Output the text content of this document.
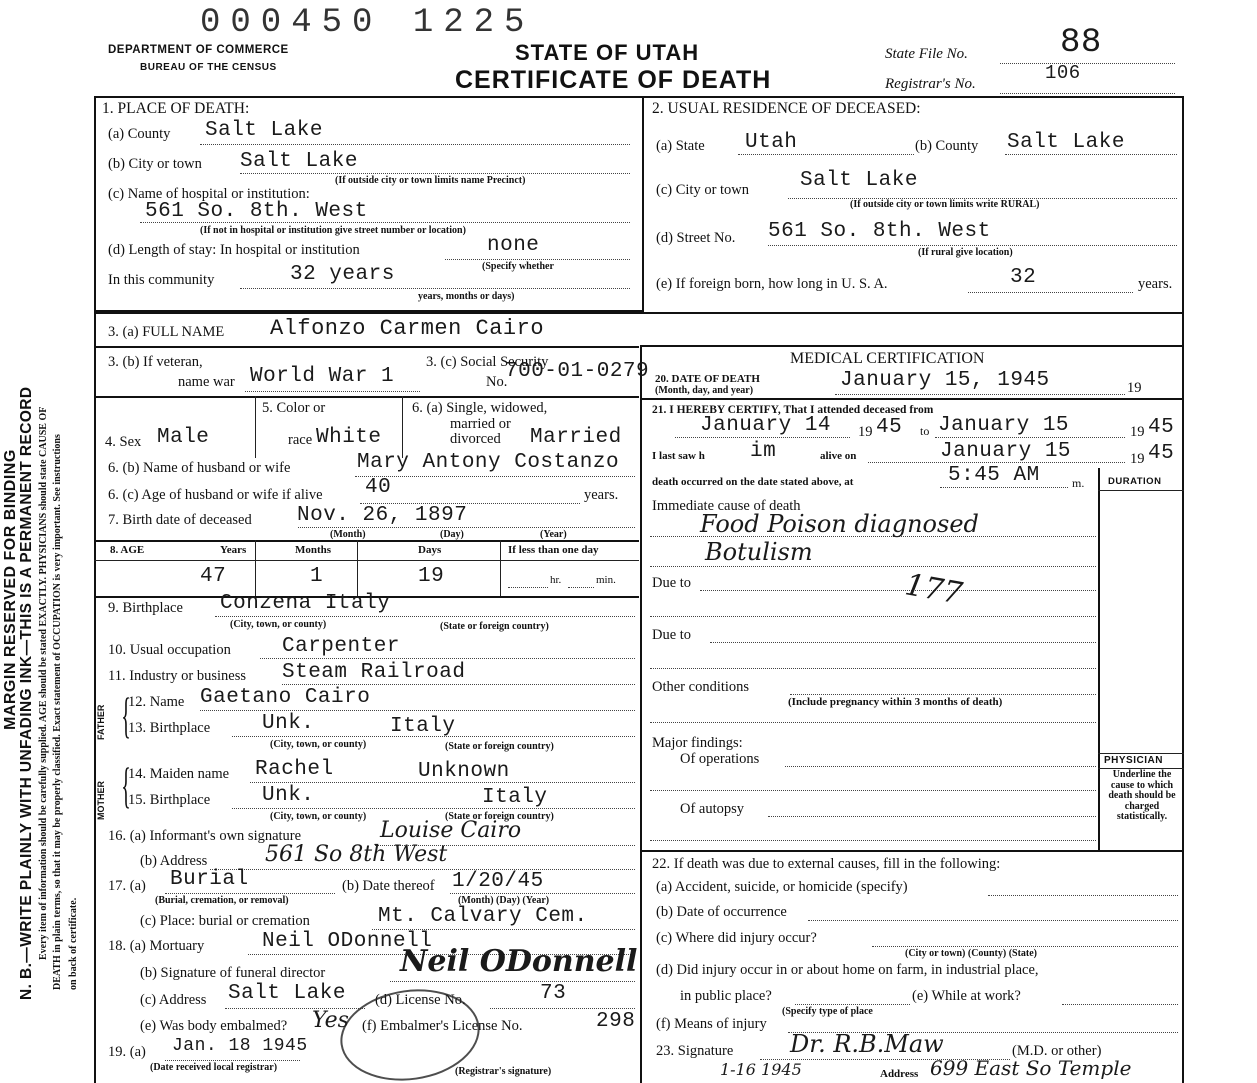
MARGIN RESERVED FOR BINDING N. B.—WRITE PLAINLY WITH UNFADING INK—THIS IS A PERMANENT RECORD Every item of information should be carefully supplied. AGE should be stated EXACTLY. PHYSICIANS should state CAUSE OF DEATH in plain terms, so that it may be properly classified. Exact statement of OCCUPATION is very important. See instructions on back of certificate.
000450 1225
DEPARTMENT OF COMMERCE
BUREAU OF THE CENSUS
STATE OF UTAH
CERTIFICATE OF DEATH
State File No.	88
Registrar's No.	106
1. PLACE OF DEATH:
(a) County Salt Lake
(b) City or town Salt Lake
(If outside city or town limits name Precinct)
(c) Name of hospital or institution:
561 So. 8th. West
(If not in hospital or institution give street number or location)
(d) Length of stay: In hospital or institution	none
(Specify whether
In this community	32 years
years, months or days)
2. USUAL RESIDENCE OF DECEASED:
(a) State Utah	(b) County Salt Lake
(c) City or town Salt Lake
(If outside city or town limits write RURAL)
(d) Street No. 561 So. 8th. West
(If rural give location)
(e) If foreign born, how long in U. S. A.	32	years.
3. (a) FULL NAME Alfonzo Carmen Cairo
3. (b) If veteran,
name war World War 1
3. (c) Social Security
No.
700-01-0279
4. Sex Male
5. Color or
race White
6. (a) Single, widowed,
married or
divorced Married
6. (b) Name of husband or wife	Mary Antony Costanzo
6. (c) Age of husband or wife if alive 40	years.
7. Birth date of deceased Nov. 26, 1897
(Month)	(Day)	(Year)
8. AGE	Years	Months	Days	If less than one day
47	1	19	hr.	min.
9. Birthplace Conzena Italy
(City, town, or county)	(State or foreign country)
10. Usual occupation Carpenter
11. Industry or business Steam Railroad
FATHER {
MOTHER {
12. Name Gaetano Cairo
13. Birthplace Unk.	Italy
(City, town, or county)	(State or foreign country)
14. Maiden name Rachel	Unknown
15. Birthplace Unk.	Italy
(City, town, or county)	(State or foreign country)
16. (a) Informant's own signature	Louise Cairo
(b) Address	561 So 8th West
17. (a) Burial
(Burial, cremation, or removal)
(b) Date thereof 1/20/45
(Month) (Day) (Year)
(c) Place: burial or cremation	Mt. Calvary Cem.
18. (a) Mortuary	Neil ODonnell
(b) Signature of funeral director Neil ODonnell
(c) Address Salt Lake (d) License No.	73
(e) Was body embalmed? Yes (f) Embalmer's License No.	298
19. (a) Jan. 18 1945
(Date received local registrar)	(Registrar's signature)
MEDICAL CERTIFICATION
20. DATE OF DEATH
(Month, day, and year)	January 15, 1945	19
21. I HEREBY CERTIFY, That I attended deceased from
January 14 19 45 to January 15	19 45
I last saw h im	alive on	January 15	19 45
death occurred on the date stated above, at	5:45 AM	m. DURATION
Immediate cause of death
Food Poison diagnosed
Botulism
177
Due to
Due to
Other conditions
(Include pregnancy within 3 months of death)
Major findings:
Of operations
Of autopsy
PHYSICIAN
Underline the cause to which death should be charged statistically.
22. If death was due to external causes, fill in the following:
(a) Accident, suicide, or homicide (specify)
(b) Date of occurrence
(c) Where did injury occur?
(City or town) (County) (State)
(d) Did injury occur in or about home on farm, in industrial place,
in public place?
(Specify type of place
(e) While at work?
(f) Means of injury
23. Signature Dr. R.B.Maw	(M.D. or other)
1-16 1945	Address 699 East So Temple
